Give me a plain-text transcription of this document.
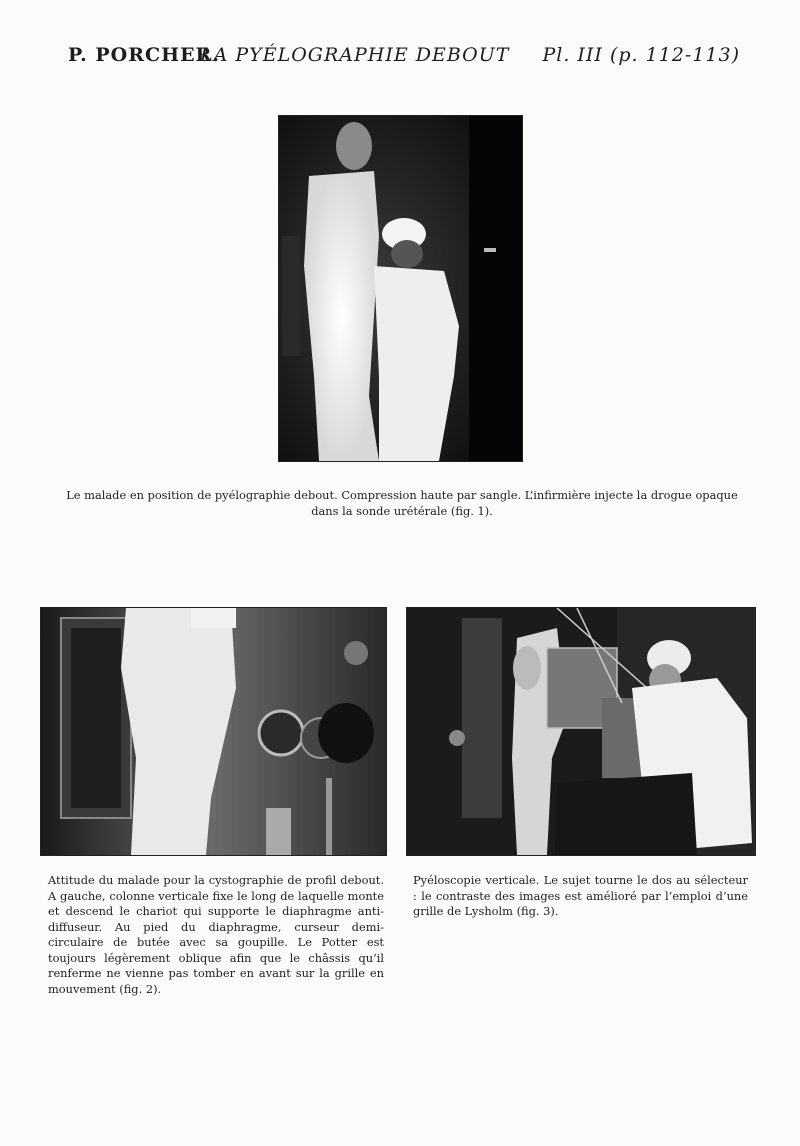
P. PORCHER.
LA PYÉLOGRAPHIE DEBOUT Pl. III (p. 112-113)
Le malade en position de pyélographie debout. Compression haute par sangle. L’infirmière injecte la drogue opaque dans la sonde urétérale (fig. 1).
Attitude du malade pour la cystographie de profil debout. A gauche, colonne verticale fixe le long de laquelle monte et descend le chariot qui supporte le diaphragme anti-diffuseur. Au pied du diaphragme, curseur demi-circulaire de butée avec sa goupille. Le Potter est toujours légèrement oblique afin que le châssis qu’il renferme ne vienne pas tomber en avant sur la grille en mouvement (fig. 2).
Pyéloscopie verticale. Le sujet tourne le dos au sélecteur : le contraste des images est amélioré par l’emploi d’une grille de Lysholm (fig. 3).
